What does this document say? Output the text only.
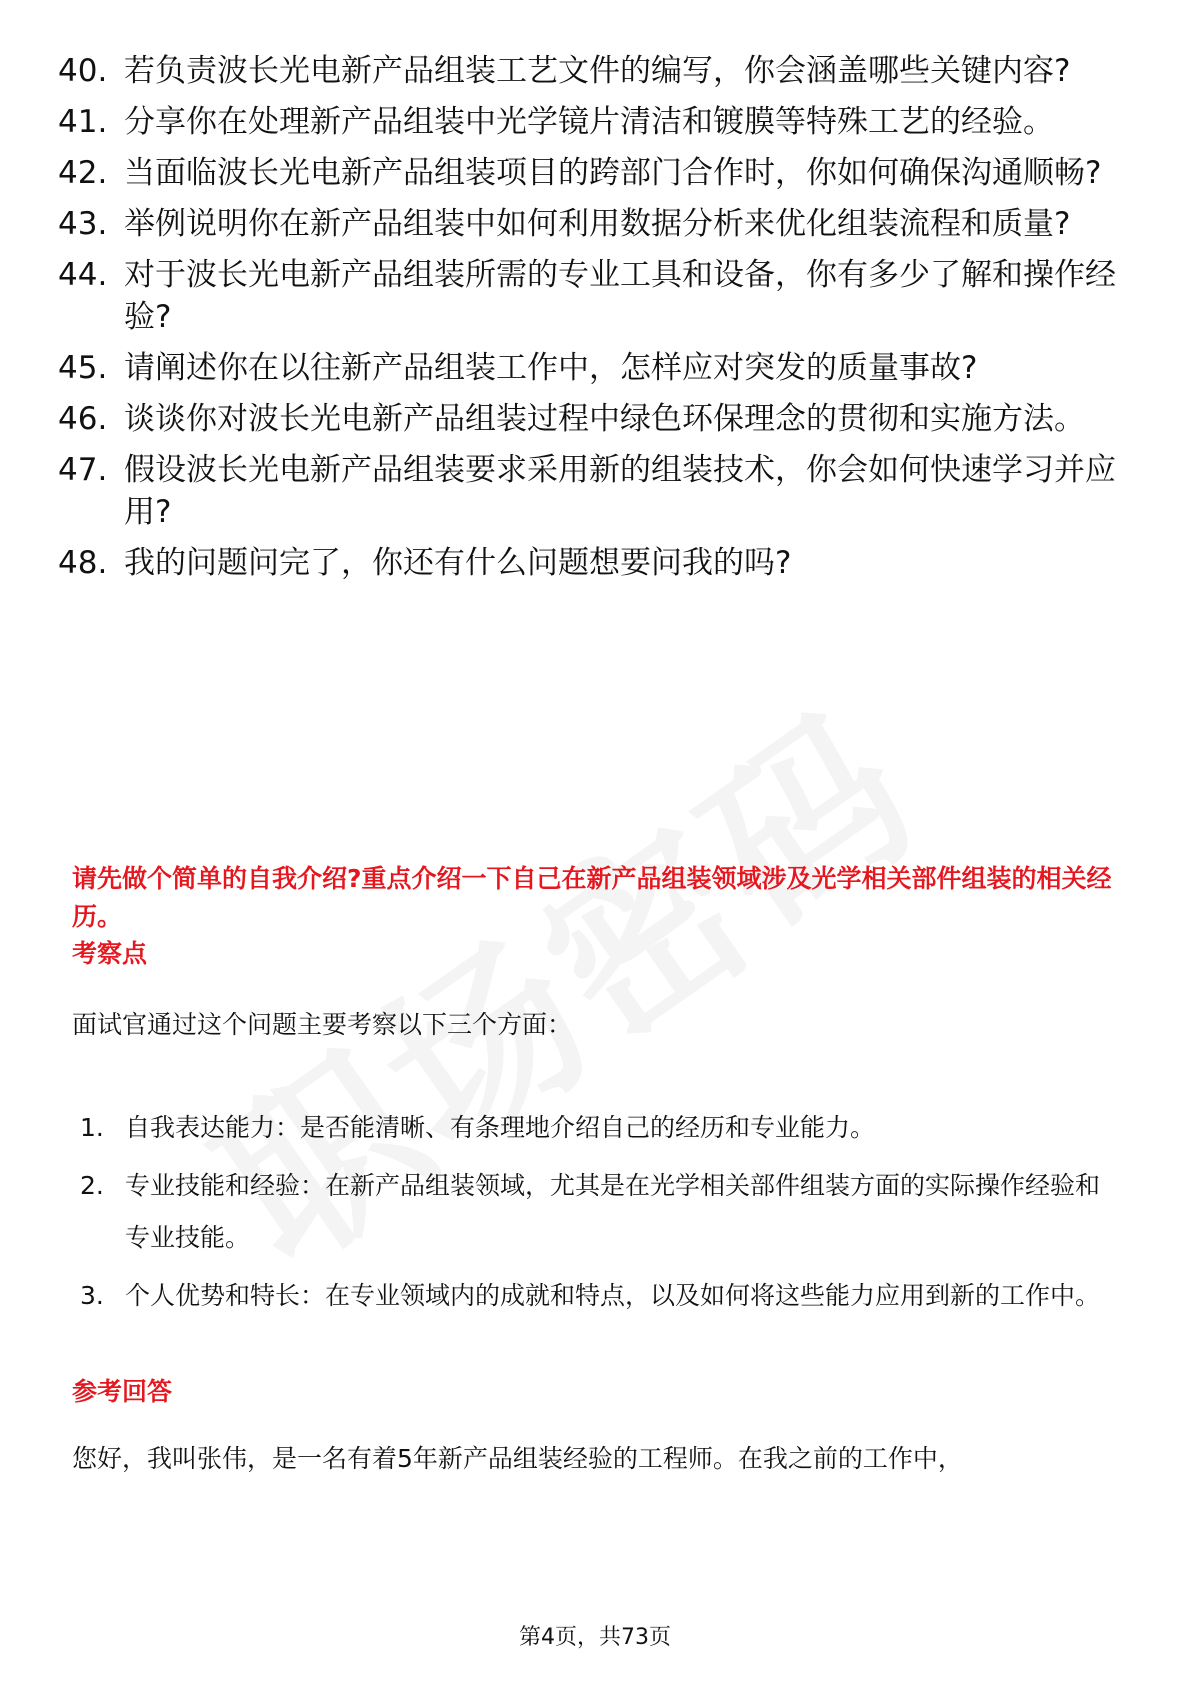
40. 若负责波长光电新产品组装工艺文件的编写，你会涵盖哪些关键内容?
41. 分享你在处理新产品组装中光学镜片清洁和镀膜等特殊工艺的经验。
42. 当面临波长光电新产品组装项目的跨部门合作时，你如何确保沟通顺畅?
43. 举例说明你在新产品组装中如何利用数据分析来优化组装流程和质量?
44. 对于波长光电新产品组装所需的专业工具和设备，你有多少了解和操作经验?
45. 请阐述你在以往新产品组装工作中，怎样应对突发的质量事故?
46. 谈谈你对波长光电新产品组装过程中绿色环保理念的贯彻和实施方法。
47. 假设波长光电新产品组装要求采用新的组装技术，你会如何快速学习并应用?
48. 我的问题问完了，你还有什么问题想要问我的吗?
请先做个简单的自我介绍?重点介绍一下自己在新产品组装领域涉及光学相关部件组装的相关经历。
考察点
面试官通过这个问题主要考察以下三个方面：
1. 自我表达能力：是否能清晰、有条理地介绍自己的经历和专业能力。
2. 专业技能和经验：在新产品组装领域，尤其是在光学相关部件组装方面的实际操作经验和专业技能。
3. 个人优势和特长：在专业领域内的成就和特点，以及如何将这些能力应用到新的工作中。
参考回答
您好，我叫张伟，是一名有着5年新产品组装经验的工程师。在我之前的工作中，
第4页，共73页
